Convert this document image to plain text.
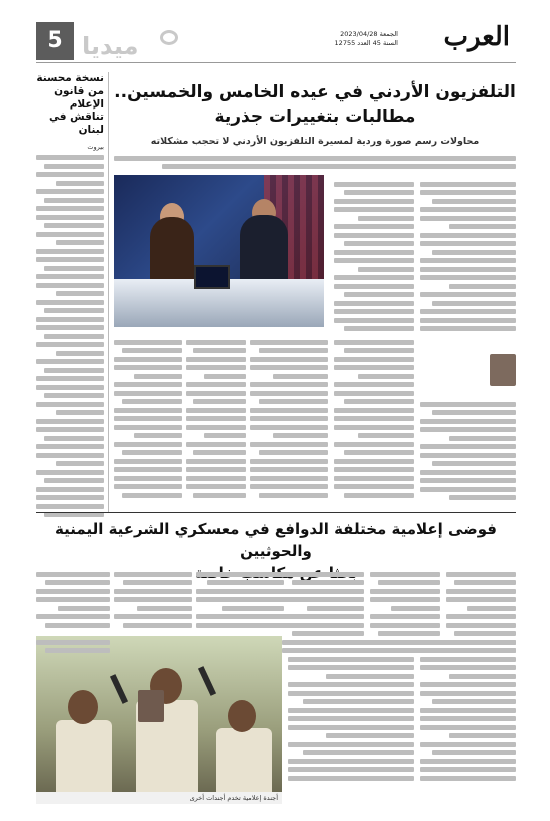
العرب
الجمعة 2023/04/28
السنة 45 العدد 12755
ميديا
5
نسخة محسنة من قانون الإعلام تناقش في لبنان
بيروت
التلفزيون الأردني في عيده الخامس والخمسين..
مطالبات بتغييرات جذرية
محاولات رسم صورة وردية لمسيرة التلفزيون الأردني لا تحجب مشكلاته
فوضى إعلامية مختلفة الدوافع في معسكري الشرعية اليمنية والحوثيين
أجندة إعلامية تخدم أجندات أخرى
